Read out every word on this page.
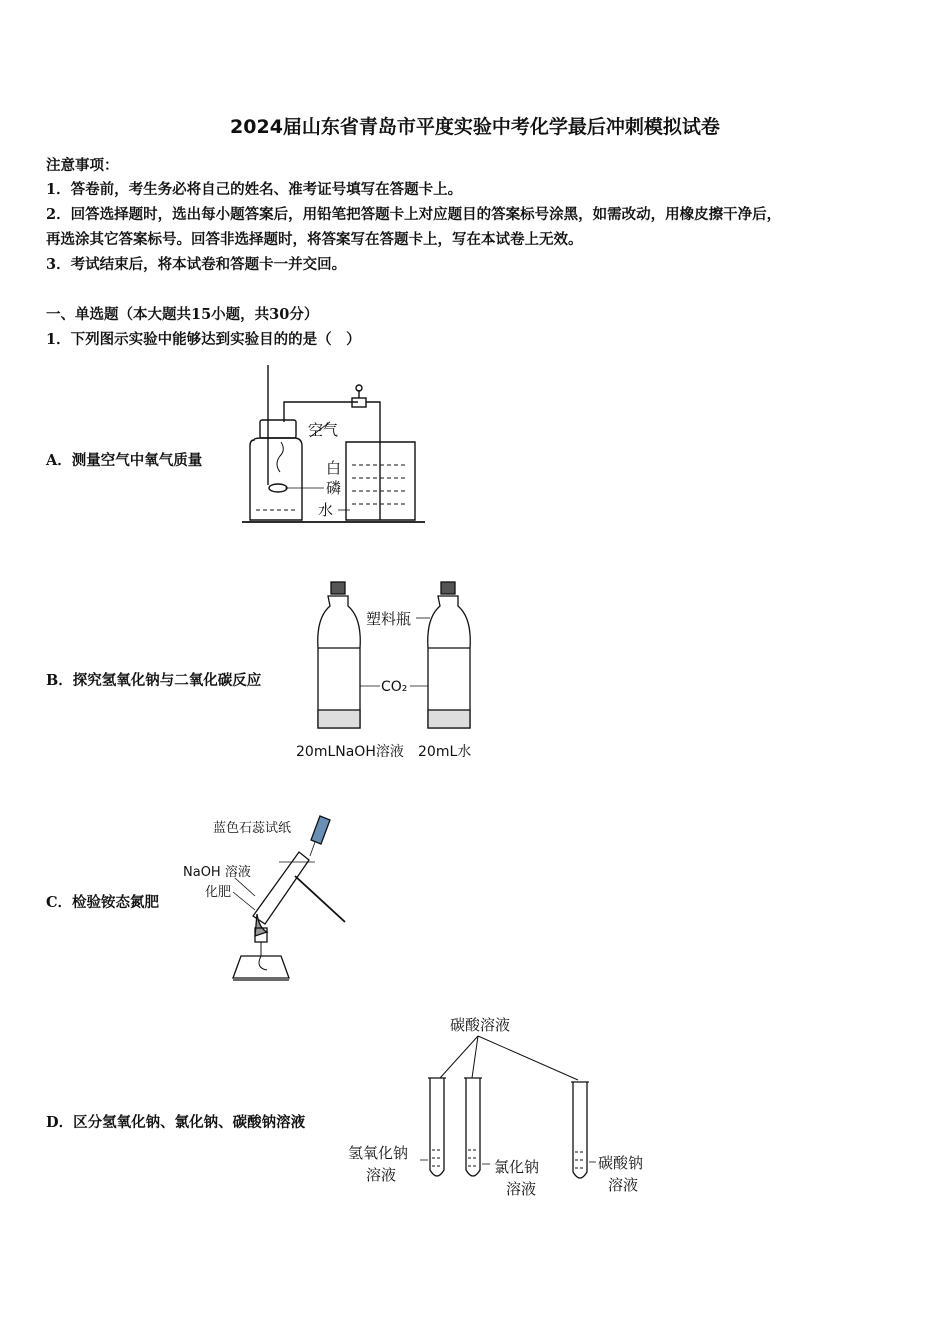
2024届山东省青岛市平度实验中考化学最后冲刺模拟试卷
注意事项：
1．答卷前，考生务必将自己的姓名、准考证号填写在答题卡上。
2．回答选择题时，选出每小题答案后，用铅笔把答题卡上对应题目的答案标号涂黑，如需改动，用橡皮擦干净后，
再选涂其它答案标号。回答非选择题时，将答案写在答题卡上，写在本试卷上无效。
3．考试结束后，将本试卷和答题卡一并交回。
一、单选题（本大题共15小题，共30分）
1．下列图示实验中能够达到实验目的的是（　）
A．测量空气中氧气质量
B．探究氢氧化钠与二氧化碳反应
C．检验铵态氮肥
D．区分氢氧化钠、氯化钠、碳酸钠溶液
空气
白
磷
水
塑料瓶
CO₂
20mLNaOH溶液 20mL水
蓝色石蕊试纸
NaOH 溶液
化肥
碳酸溶液
氢氧化钠
溶液	氯化钠
溶液
碳酸钠
溶液
